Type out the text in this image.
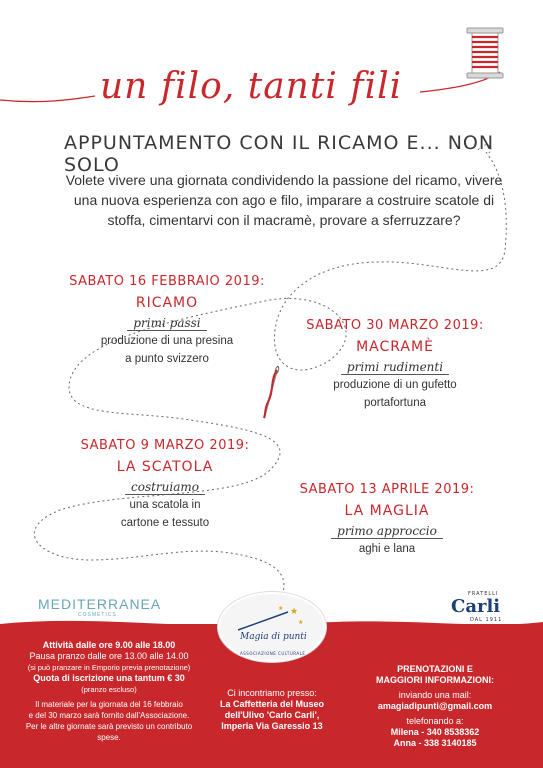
un filo, tanti fili
APPUNTAMENTO CON IL RICAMO E... NON SOLO
Volete vivere una giornata condividendo la passione del ricamo, vivere una nuova esperienza con ago e filo, imparare a costruire scatole di stoffa, cimentarvi con il macramè, provare a sferruzzare?
SABATO 16 FEBBRAIO 2019:
RICAMO
primi passi
produzione di una presina
a punto svizzero
SABATO 30 MARZO 2019:
MACRAMÈ
primi rudimenti
produzione di un gufetto
portafortuna
SABATO 9 MARZO 2019:
LA SCATOLA
costruiamo
una scatola in
cartone e tessuto
SABATO 13 APRILE 2019:
LA MAGLIA
primo approccio
aghi e lana
MEDITERRANEA
COSMETICS
FRATELLI
Carli
DAL 1911
★
★
★
Magia di punti
ASSOCIAZIONE CULTURALE
Attività dalle ore 9.00 alle 18.00
Pausa pranzo dalle ore 13.00 alle 14.00
(si può pranzare in Emporio previa prenotazione)
Quota di iscrizione una tantum € 30
(pranzo escluso)
Il materiale per la giornata del 16 febbraio
e del 30 marzo sarà fornito dall'Associazione.
Per le altre giornate sarà previsto un contributo spese.
Ci incontriamo presso:
La Caffetteria del Museo
dell'Ulivo 'Carlo Carli',
Imperia Via Garessio 13
PRENOTAZIONI E
MAGGIORI INFORMAZIONI:
inviando una mail:
amagiadipunti@gmail.com
telefonando a:
Milena - 340 8538362
Anna - 338 3140185
